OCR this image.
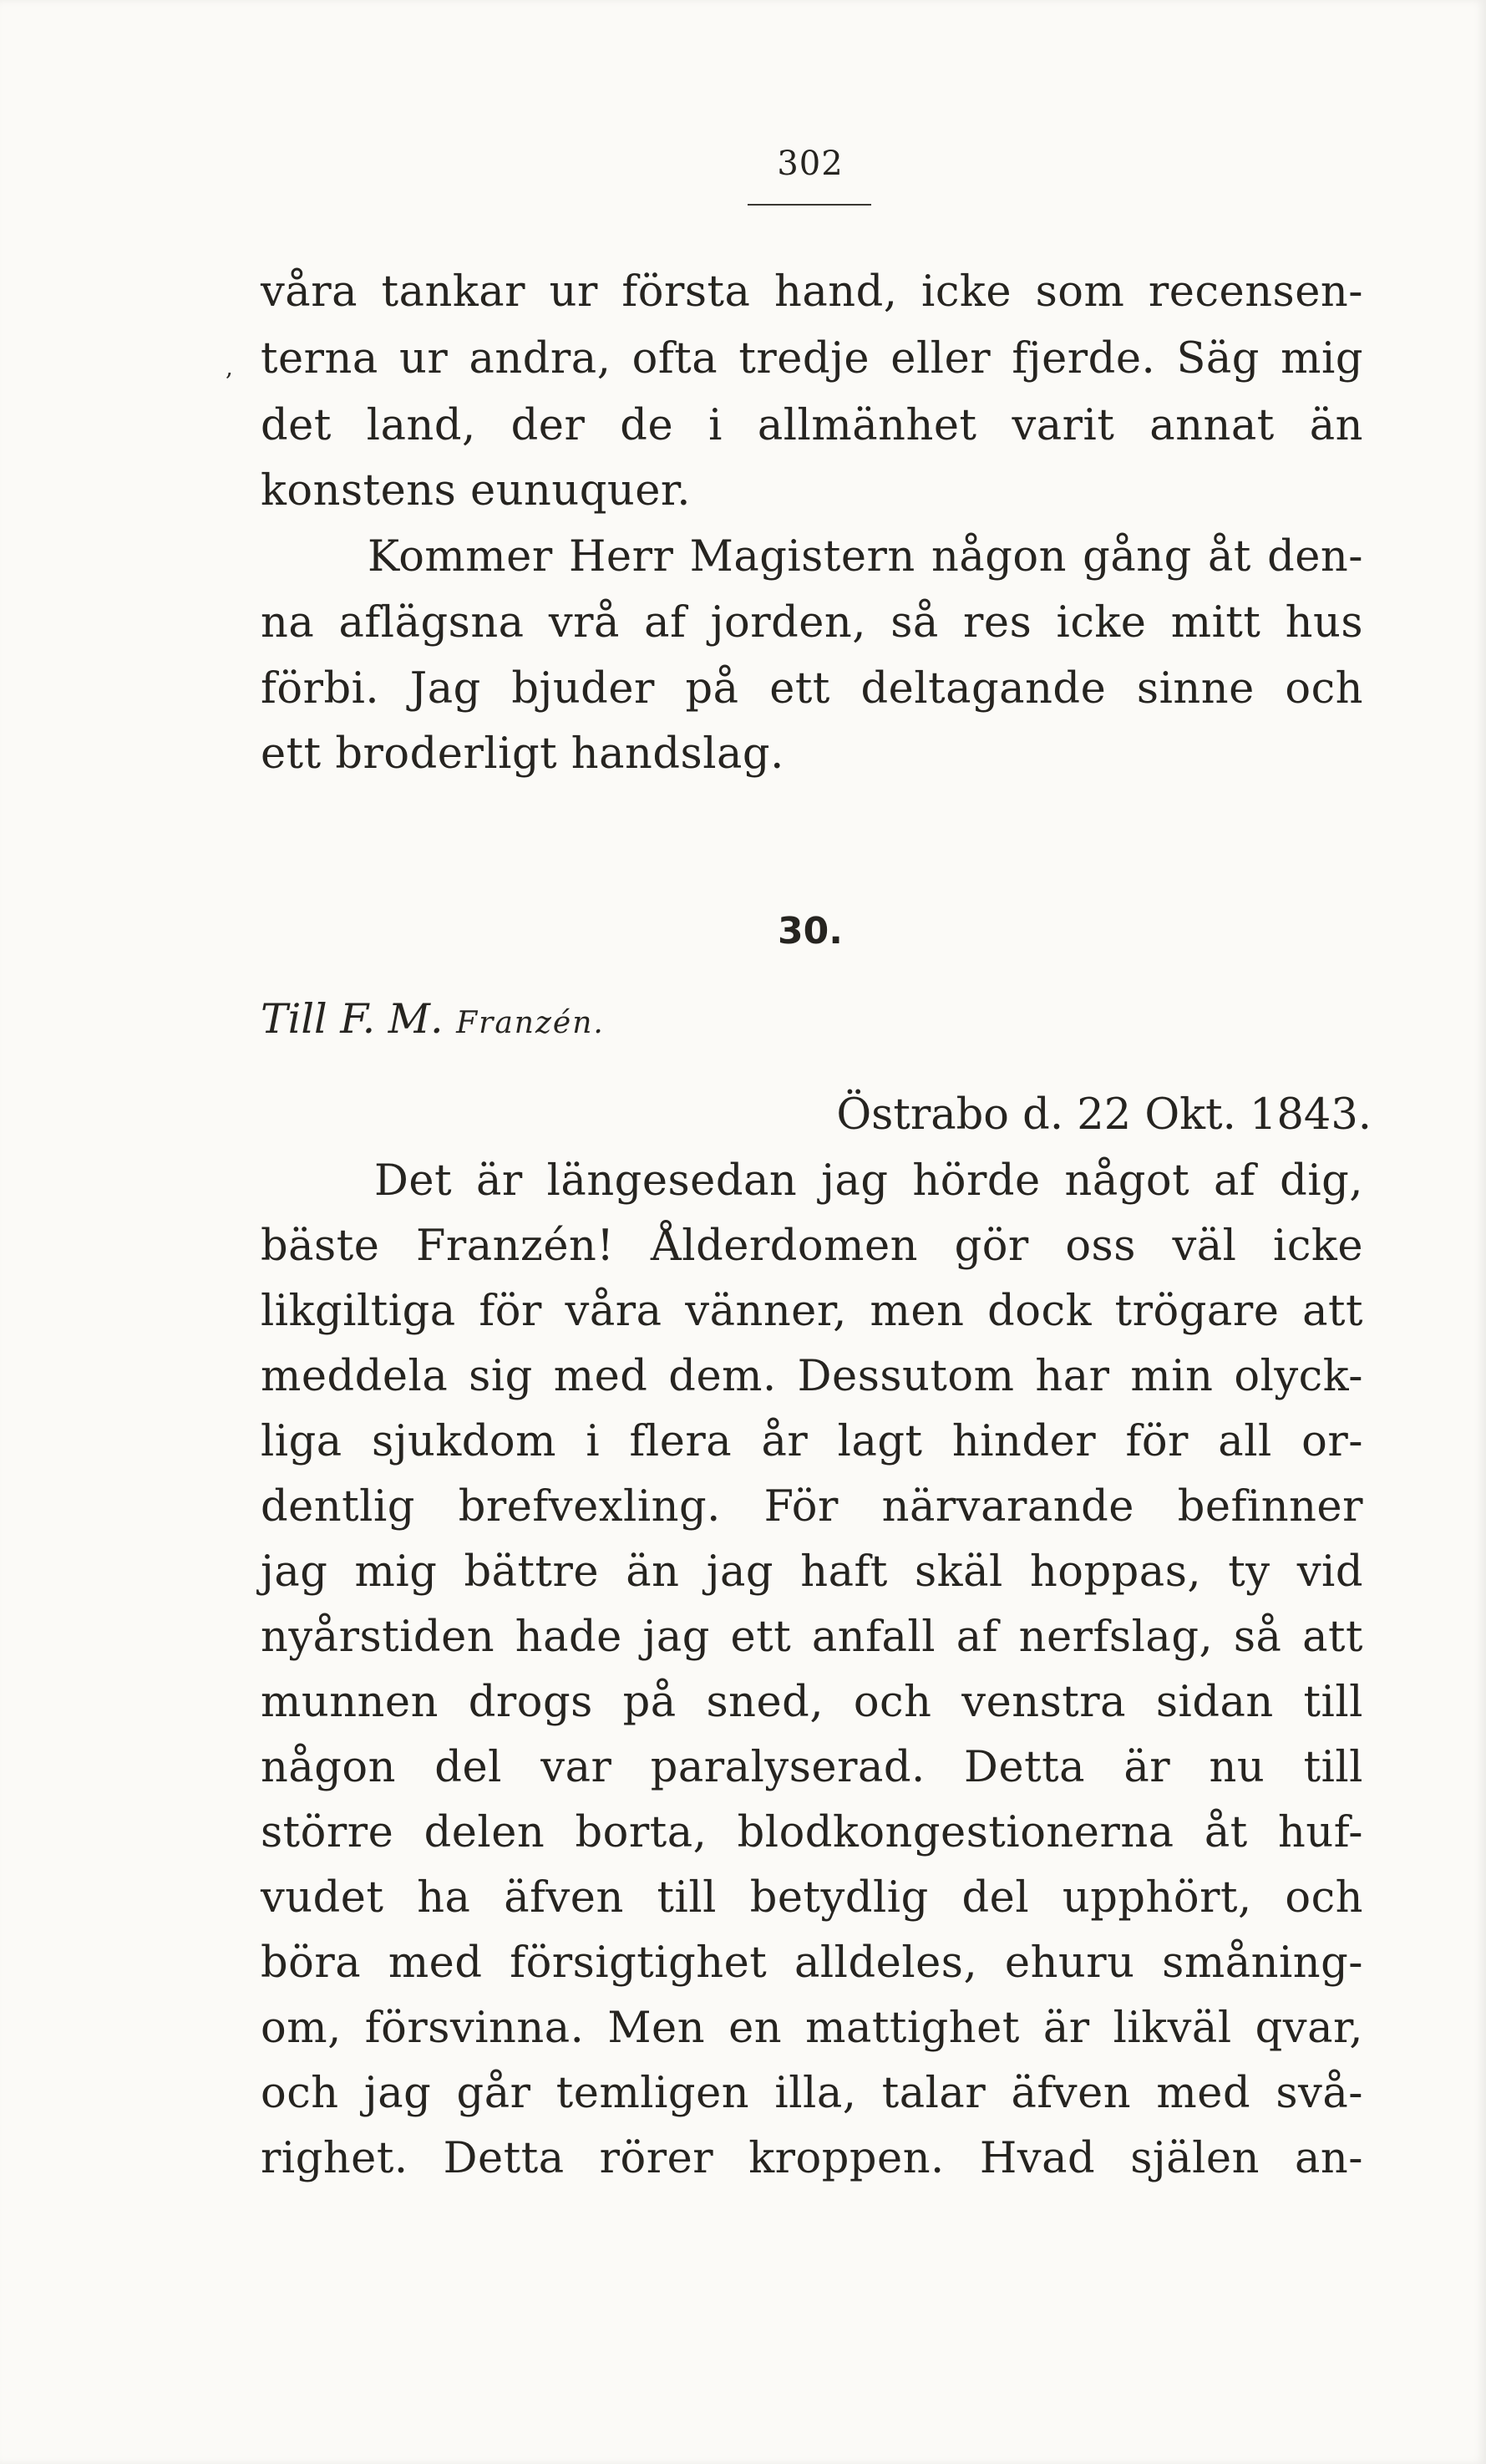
302
,
våra tankar ur första hand, icke som recensen-
terna ur andra, ofta tredje eller fjerde. Säg mig
det land, der de i allmänhet varit annat än
konstens eunuquer.
Kommer Herr Magistern någon gång åt den-
na aflägsna vrå af jorden, så res icke mitt hus
förbi. Jag bjuder på ett deltagande sinne och
ett broderligt handslag.
30.
Till F. M. Franzén.
Östrabo d. 22 Okt. 1843.
Det är längesedan jag hörde något af dig,
bäste Franzén! Ålderdomen gör oss väl icke
likgiltiga för våra vänner, men dock trögare att
meddela sig med dem. Dessutom har min olyck-
liga sjukdom i flera år lagt hinder för all or-
dentlig brefvexling. För närvarande befinner
jag mig bättre än jag haft skäl hoppas, ty vid
nyårstiden hade jag ett anfall af nerfslag, så att
munnen drogs på sned, och venstra sidan till
någon del var paralyserad. Detta är nu till
större delen borta, blodkongestionerna åt huf-
vudet ha äfven till betydlig del upphört, och
böra med försigtighet alldeles, ehuru småning-
om, försvinna. Men en mattighet är likväl qvar,
och jag går temligen illa, talar äfven med svå-
righet. Detta rörer kroppen. Hvad själen an-
